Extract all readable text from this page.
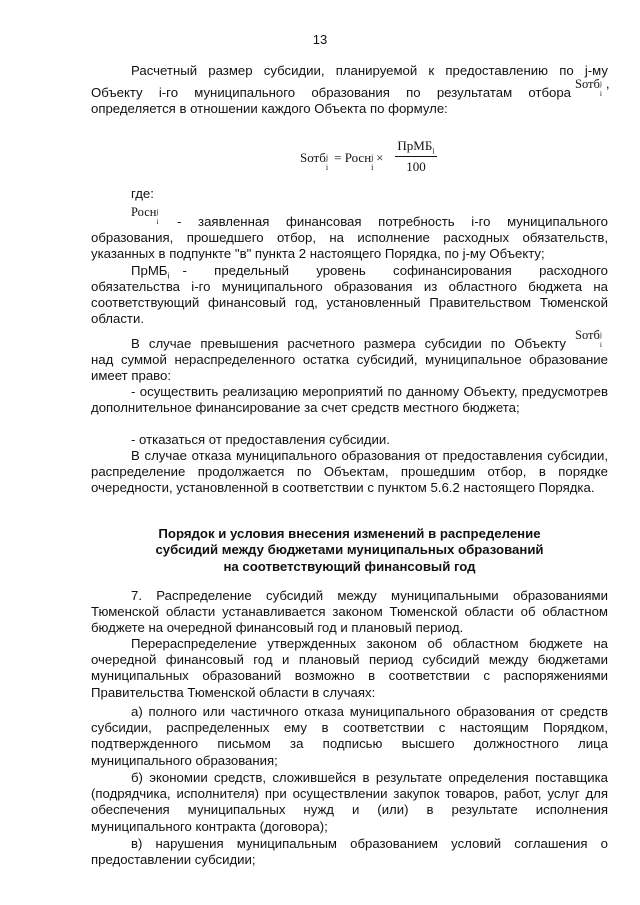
13
Расчетный размер субсидии, планируемой к предоставлению по j-му
Объекту i-го муниципального образования по результатам отбора
Sотб j
i
,
определяется в отношении каждого Объекта по формуле:
Sотб j
i
= Росн j
i
×
ПрМБ$_i$
100
где:
Росн j
i	- заявленная финансовая потребность i-го муниципального образования, прошедшего отбор, на исполнение расходных обязательств, указанных в подпункте "в" пункта 2 настоящего Порядка, по j-му Объекту;
ПрМБ$_i$ - предельный уровень софинансирования расходного
обязательства i-го муниципального образования из областного бюджета на соответствующий финансовый год, установленный Правительством Тюменской области.
В случае превышения расчетного размера субсидии по Объекту
Sотб j
i
над суммой нераспределенного остатка субсидий, муниципальное образование имеет право:
- осуществить реализацию мероприятий по данному Объекту, предусмотрев дополнительное финансирование за счет средств местного бюджета;
- отказаться от предоставления субсидии.
В случае отказа муниципального образования от предоставления субсидии, распределение продолжается по Объектам, прошедшим отбор, в порядке очередности, установленной в соответствии с пунктом 5.6.2 настоящего Порядка.
Порядок и условия внесения изменений в распределение
субсидий между бюджетами муниципальных образований
на соответствующий финансовый год
7. Распределение субсидий между муниципальными образованиями Тюменской области устанавливается законом Тюменской области об областном бюджете на очередной финансовый год и плановый период.
Перераспределение утвержденных законом об областном бюджете на очередной финансовый год и плановый период субсидий между бюджетами муниципальных образований возможно в соответствии с распоряжениями Правительства Тюменской области в случаях:
а) полного или частичного отказа муниципального образования от средств субсидии, распределенных ему в соответствии с настоящим Порядком, подтвержденного письмом за подписью высшего должностного лица муниципального образования;
б) экономии средств, сложившейся в результате определения поставщика (подрядчика, исполнителя) при осуществлении закупок товаров, работ, услуг для обеспечения муниципальных нужд и (или) в результате исполнения муниципального контракта (договора);
в) нарушения муниципальным образованием условий соглашения о предоставлении субсидии;
